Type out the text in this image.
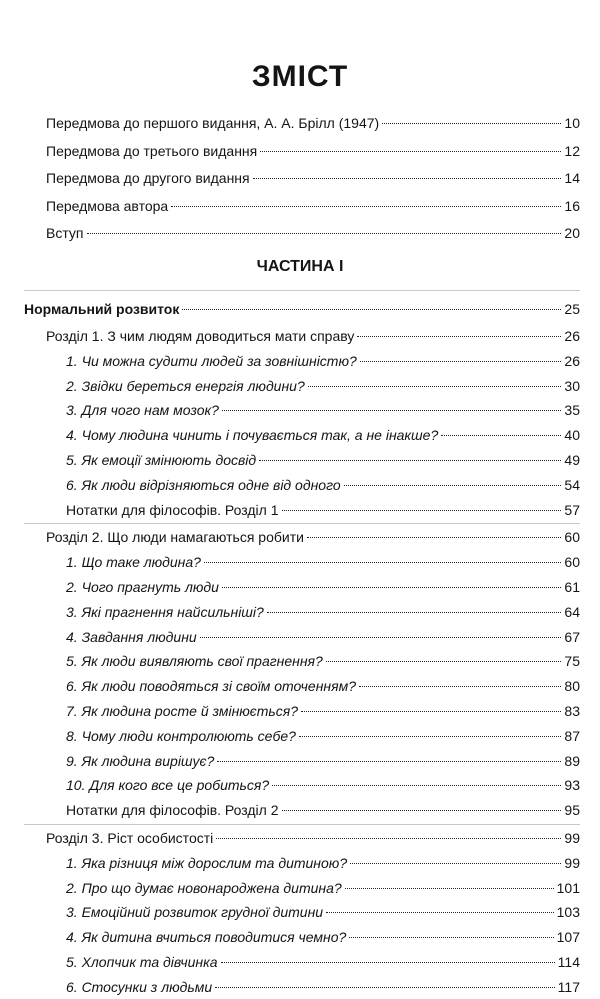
ЗМІСТ
Передмова до першого видання, А. А. Брілл (1947)	10
Передмова до третього видання	12
Передмова до другого видання	14
Передмова автора	16
Вступ	20
ЧАСТИНА І
Нормальний розвиток	25
Розділ 1. З чим людям доводиться мати справу	26
1. Чи можна судити людей за зовнішністю?	26
2. Звідки береться енергія людини?	30
3. Для чого нам мозок?	35
4. Чому людина чинить і почувається так, а не інакше?	40
5. Як емоції змінюють досвід	49
6. Як люди відрізняються одне від одного	54
Нотатки для філософів. Розділ 1	57
Розділ 2. Що люди намагаються робити	60
1. Що таке людина?	60
2. Чого прагнуть люди	61
3. Які прагнення найсильніші?	64
4. Завдання людини	67
5. Як люди виявляють свої прагнення?	75
6. Як люди поводяться зі своїм оточенням?	80
7. Як людина росте й змінюється?	83
8. Чому люди контролюють себе?	87
9. Як людина вирішує?	89
10. Для кого все це робиться?	93
Нотатки для філософів. Розділ 2	95
Розділ 3. Ріст особистості	99
1. Яка різниця між дорослим та дитиною?	99
2. Про що думає новонароджена дитина?	101
3. Емоційний розвиток грудної дитини	103
4. Як дитина вчиться поводитися чемно?	107
5. Хлопчик та дівчинка	114
6. Стосунки з людьми	117
